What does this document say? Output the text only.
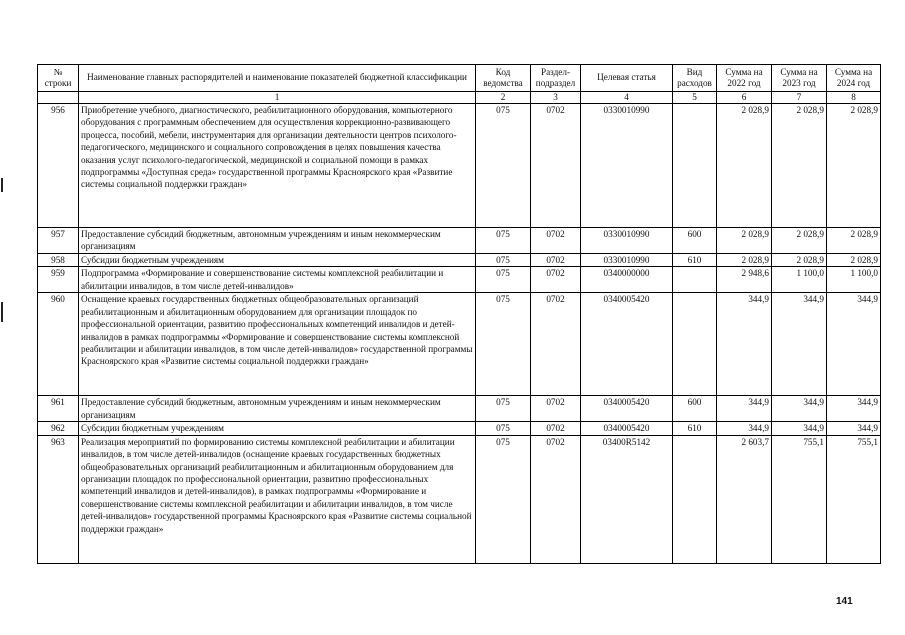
№ строки	Наименование главных распорядителей и наименование показателей бюджетной классификации	Код ведомства	Раздел-подраздел	Целевая статья	Вид расходов	Сумма на 2022 год	Сумма на 2023 год	Сумма на 2024 год
	1	2	3	4	5	6	7	8
956	Приобретение учебного, диагностического, реабилитационного оборудования, компьютерного оборудования с программным обеспечением для осуществления коррекционно-развивающего процесса, пособий, мебели, инструментария для организации деятельности центров психолого-педагогического, медицинского и социального сопровождения в целях повышения качества оказания услуг психолого-педагогической, медицинской и социальной помощи в рамках подпрограммы «Доступная среда» государственной программы Красноярского края «Развитие системы социальной поддержки граждан»	075	0702	0330010990		2 028,9	2 028,9	2 028,9
957	Предоставление субсидий бюджетным, автономным учреждениям и иным некоммерческим организациям	075	0702	0330010990	600	2 028,9	2 028,9	2 028,9
958	Субсидии бюджетным учреждениям	075	0702	0330010990	610	2 028,9	2 028,9	2 028,9
959	Подпрограмма «Формирование и совершенствование системы комплексной реабилитации и абилитации инвалидов, в том числе детей-инвалидов»	075	0702	0340000000		2 948,6	1 100,0	1 100,0
960	Оснащение краевых государственных бюджетных общеобразовательных организаций реабилитационным и абилитационным оборудованием для организации площадок по профессиональной ориентации, развитию профессиональных компетенций инвалидов и детей-инвалидов в рамках подпрограммы «Формирование и совершенствование системы комплексной реабилитации и абилитации инвалидов, в том числе детей-инвалидов» государственной программы Красноярского края «Развитие системы социальной поддержки граждан»	075	0702	0340005420		344,9	344,9	344,9
961	Предоставление субсидий бюджетным, автономным учреждениям и иным некоммерческим организациям	075	0702	0340005420	600	344,9	344,9	344,9
962	Субсидии бюджетным учреждениям	075	0702	0340005420	610	344,9	344,9	344,9
963	Реализация мероприятий по формированию системы комплексной реабилитации и абилитации инвалидов, в том числе детей-инвалидов (оснащение краевых государственных бюджетных общеобразовательных организаций реабилитационным и абилитационным оборудованием для организации площадок по профессиональной ориентации, развитию профессиональных компетенций инвалидов и детей-инвалидов), в рамках подпрограммы «Формирование и совершенствование системы комплексной реабилитации и абилитации инвалидов, в том числе детей-инвалидов» государственной программы Красноярского края «Развитие системы социальной поддержки граждан»	075	0702	03400R5142		2 603,7	755,1	755,1
141
